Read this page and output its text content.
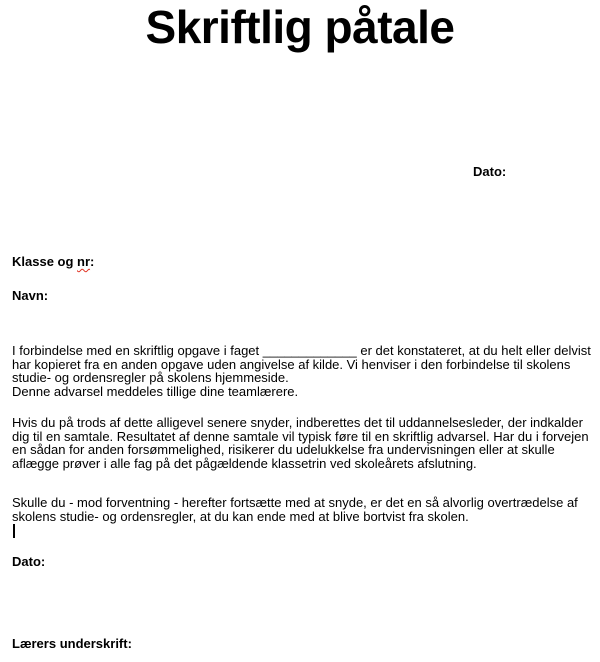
Skriftlig påtale
Dato:
Klasse og nr:
Navn:
I forbindelse med en skriftlig opgave i faget _____________ er det konstateret, at du helt eller delvist
har kopieret fra en anden opgave uden angivelse af kilde. Vi henviser i den forbindelse til skolens
studie- og ordensregler på skolens hjemmeside.
Denne advarsel meddeles tillige dine teamlærere.
Hvis du på trods af dette alligevel senere snyder, indberettes det til uddannelsesleder, der indkalder
dig til en samtale. Resultatet af denne samtale vil typisk føre til en skriftlig advarsel. Har du i forvejen
en sådan for anden forsømmelighed, risikerer du udelukkelse fra undervisningen eller at skulle
aflægge prøver i alle fag på det pågældende klassetrin ved skoleårets afslutning.
Skulle du - mod forventning - herefter fortsætte med at snyde, er det en så alvorlig overtrædelse af
skolens studie- og ordensregler, at du kan ende med at blive bortvist fra skolen.
Dato:
Lærers underskrift:
